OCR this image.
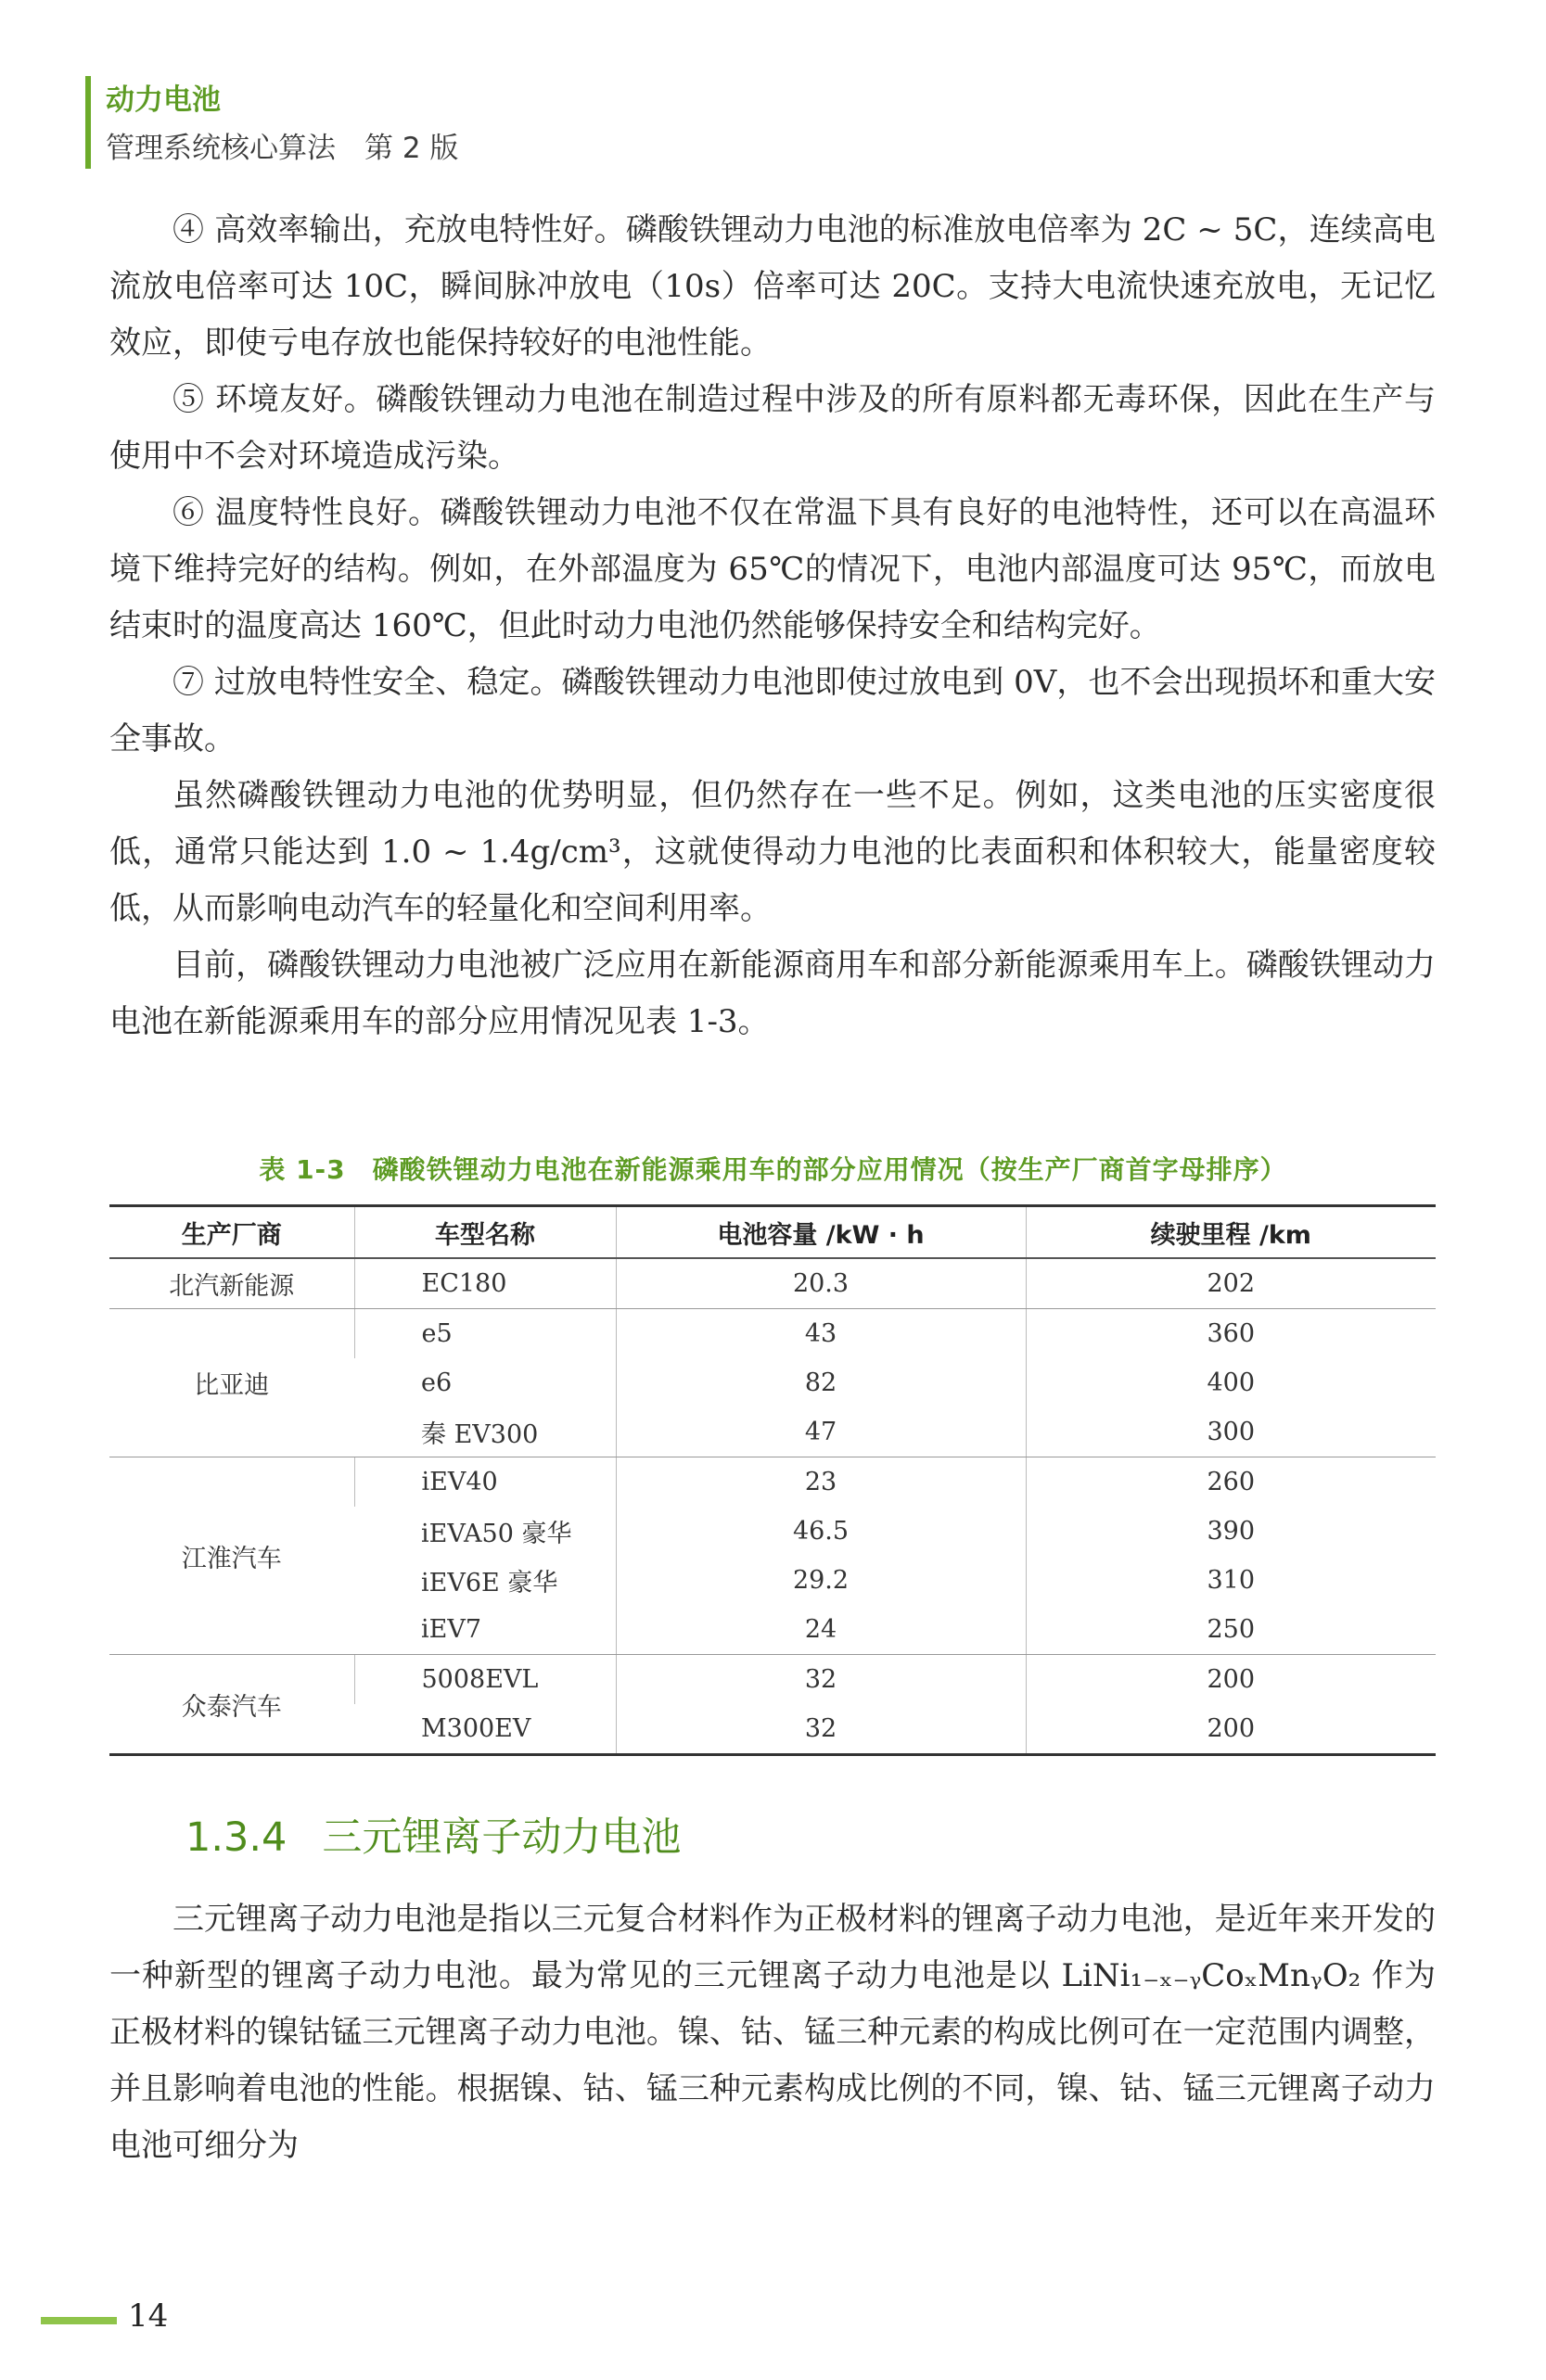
动力电池
管理系统核心算法　第 2 版

④ 高效率输出，充放电特性好。磷酸铁锂动力电池的标准放电倍率为 2C ~ 5C，连续高电流放电倍率可达 10C，瞬间脉冲放电（10s）倍率可达 20C。支持大电流快速充放电，无记忆效应，即使亏电存放也能保持较好的电池性能。

⑤ 环境友好。磷酸铁锂动力电池在制造过程中涉及的所有原料都无毒环保，因此在生产与使用中不会对环境造成污染。

⑥ 温度特性良好。磷酸铁锂动力电池不仅在常温下具有良好的电池特性，还可以在高温环境下维持完好的结构。例如，在外部温度为 65℃的情况下，电池内部温度可达 95℃，而放电结束时的温度高达 160℃，但此时动力电池仍然能够保持安全和结构完好。

⑦ 过放电特性安全、稳定。磷酸铁锂动力电池即使过放电到 0V，也不会出现损坏和重大安全事故。

虽然磷酸铁锂动力电池的优势明显，但仍然存在一些不足。例如，这类电池的压实密度很低，通常只能达到 1.0 ~ 1.4g/cm³，这就使得动力电池的比表面积和体积较大，能量密度较低，从而影响电动汽车的轻量化和空间利用率。

目前，磷酸铁锂动力电池被广泛应用在新能源商用车和部分新能源乘用车上。磷酸铁锂动力电池在新能源乘用车的部分应用情况见表 1-3。

表 1-3　磷酸铁锂动力电池在新能源乘用车的部分应用情况（按生产厂商首字母排序）
生产厂商	车型名称	电池容量 /kW · h	续驶里程 /km
北汽新能源	EC180	20.3	202
比亚迪	e5	43	360
	e6	82	400
	秦 EV300	47	300
江淮汽车	iEV40	23	260
	iEVA50 豪华	46.5	390
	iEV6E 豪华	29.2	310
	iEV7	24	250
众泰汽车	5008EVL	32	200
	M300EV	32	200
1.3.4 三元锂离子动力电池

三元锂离子动力电池是指以三元复合材料作为正极材料的锂离子动力电池，是近年来开发的一种新型的锂离子动力电池。最为常见的三元锂离子动力电池是以 LiNi₁₋ₓ₋ᵧCoₓMnᵧO₂ 作为正极材料的镍钴锰三元锂离子动力电池。镍、钴、锰三种元素的构成比例可在一定范围内调整，并且影响着电池的性能。根据镍、钴、锰三种元素构成比例的不同，镍、钴、锰三元锂离子动力电池可细分为

14
